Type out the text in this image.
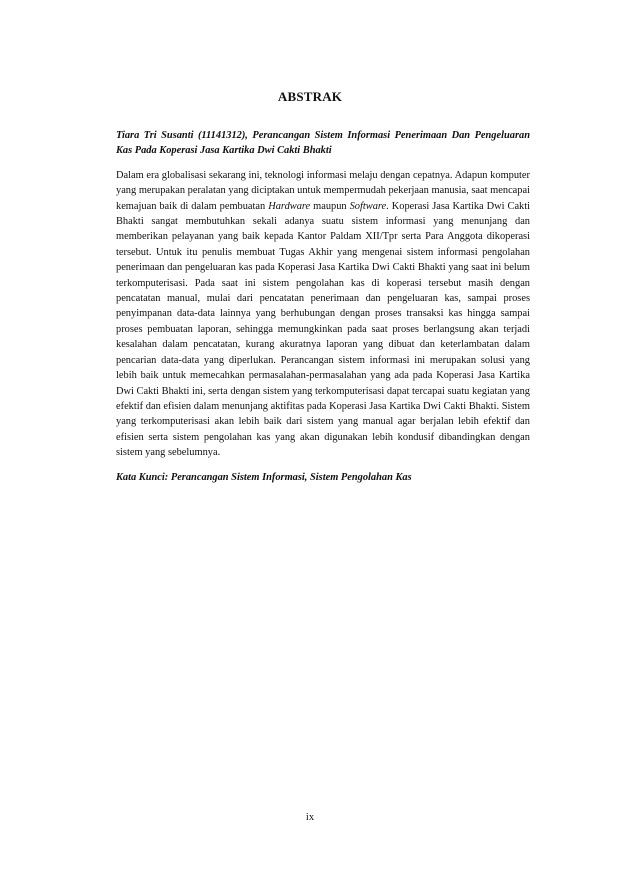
ABSTRAK

Tiara Tri Susanti (11141312), Perancangan Sistem Informasi Penerimaan Dan Pengeluaran Kas Pada Koperasi Jasa Kartika Dwi Cakti Bhakti

Dalam era globalisasi sekarang ini, teknologi informasi melaju dengan cepatnya. Adapun komputer yang merupakan peralatan yang diciptakan untuk mempermudah pekerjaan manusia, saat mencapai kemajuan baik di dalam pembuatan Hardware maupun Software. Koperasi Jasa Kartika Dwi Cakti Bhakti sangat membutuhkan sekali adanya suatu sistem informasi yang menunjang dan memberikan pelayanan yang baik kepada Kantor Paldam XII/Tpr serta Para Anggota dikoperasi tersebut. Untuk itu penulis membuat Tugas Akhir yang mengenai sistem informasi pengolahan penerimaan dan pengeluaran kas pada Koperasi Jasa Kartika Dwi Cakti Bhakti yang saat ini belum terkomputerisasi. Pada saat ini sistem pengolahan kas di koperasi tersebut masih dengan pencatatan manual, mulai dari pencatatan penerimaan dan pengeluaran kas, sampai proses penyimpanan data-data lainnya yang berhubungan dengan proses transaksi kas hingga sampai proses pembuatan laporan, sehingga memungkinkan pada saat proses berlangsung akan terjadi kesalahan dalam pencatatan, kurang akuratnya laporan yang dibuat dan keterlambatan dalam pencarian data-data yang diperlukan. Perancangan sistem informasi ini merupakan solusi yang lebih baik untuk memecahkan permasalahan-permasalahan yang ada pada Koperasi Jasa Kartika Dwi Cakti Bhakti ini, serta dengan sistem yang terkomputerisasi dapat tercapai suatu kegiatan yang efektif dan efisien dalam menunjang aktifitas pada Koperasi Jasa Kartika Dwi Cakti Bhakti. Sistem yang terkomputerisasi akan lebih baik dari sistem yang manual agar berjalan lebih efektif dan efisien serta sistem pengolahan kas yang akan digunakan lebih kondusif dibandingkan dengan sistem yang sebelumnya.

Kata Kunci: Perancangan Sistem Informasi, Sistem Pengolahan Kas

ix
